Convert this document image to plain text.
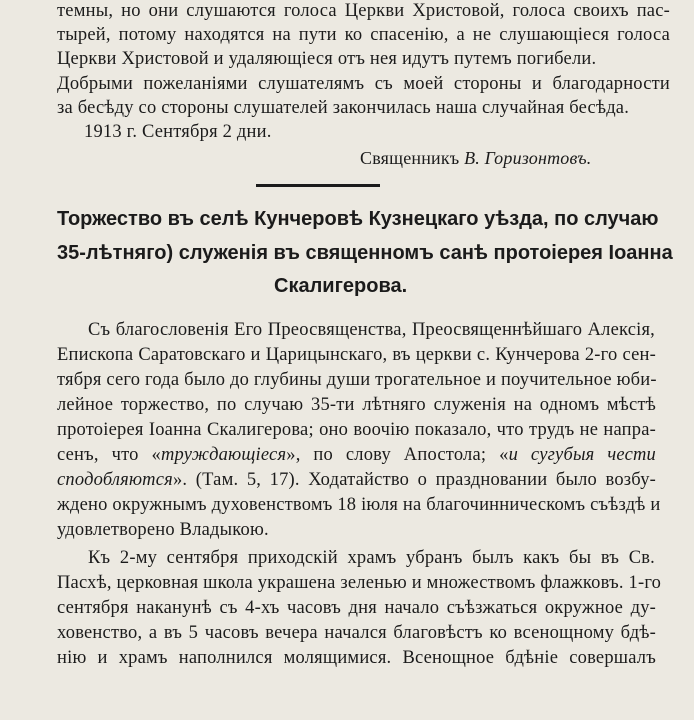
темны, но они слушаются голоса Церкви Христовой, голоса своихъ пас-
тырей, потому находятся на пути ко спасенію, а не слушающіеся голоса
Церкви Христовой и удаляющіеся отъ нея идутъ путемъ погибели.
Добрыми пожеланіями слушателямъ съ моей стороны и благодарности
за бесѣду со стороны слушателей закончилась наша случайная бесѣда.
1913 г. Сентября 2 дни.
Священникъ В. Горизонтовъ.
Торжество въ селѣ Кунчеровѣ Кузнецкаго уѣзда, по случаю
35-лѣтняго) служенія въ священномъ санѣ протоіерея Іоанна
Скалигерова.
Съ благословенія Его Преосвященства, Преосвященнѣйшаго Алексія,
Епископа Саратовскаго и Царицынскаго, въ церкви с. Кунчерова 2-го сен-
тября сего года было до глубины души трогательное и поучительное юби-
лейное торжество, по случаю 35-ти лѣтняго служенія на одномъ мѣстѣ
протоіерея Іоанна Скалигерова; оно воочію показало, что трудъ не напра-
сенъ, что «труждающіеся», по слову Апостола; «и сугубыя чести
сподобляются». (Там. 5, 17). Ходатайство о праздновании было возбу-
ждено окружнымъ духовенствомъ 18 іюля на благочинническомъ съѣздѣ и
удовлетворено Владыкою.
Къ 2-му сентября приходскій храмъ убранъ былъ какъ бы въ Св.
Пасхѣ, церковная школа украшена зеленью и множествомъ флажковъ. 1-го
сентября наканунѣ съ 4-хъ часовъ дня начало съѣзжаться окружное ду-
ховенство, а въ 5 часовъ вечера начался благовѣстъ ко всенощному бдѣ-
нію и храмъ наполнился молящимися. Всенощное бдѣніе совершалъ
